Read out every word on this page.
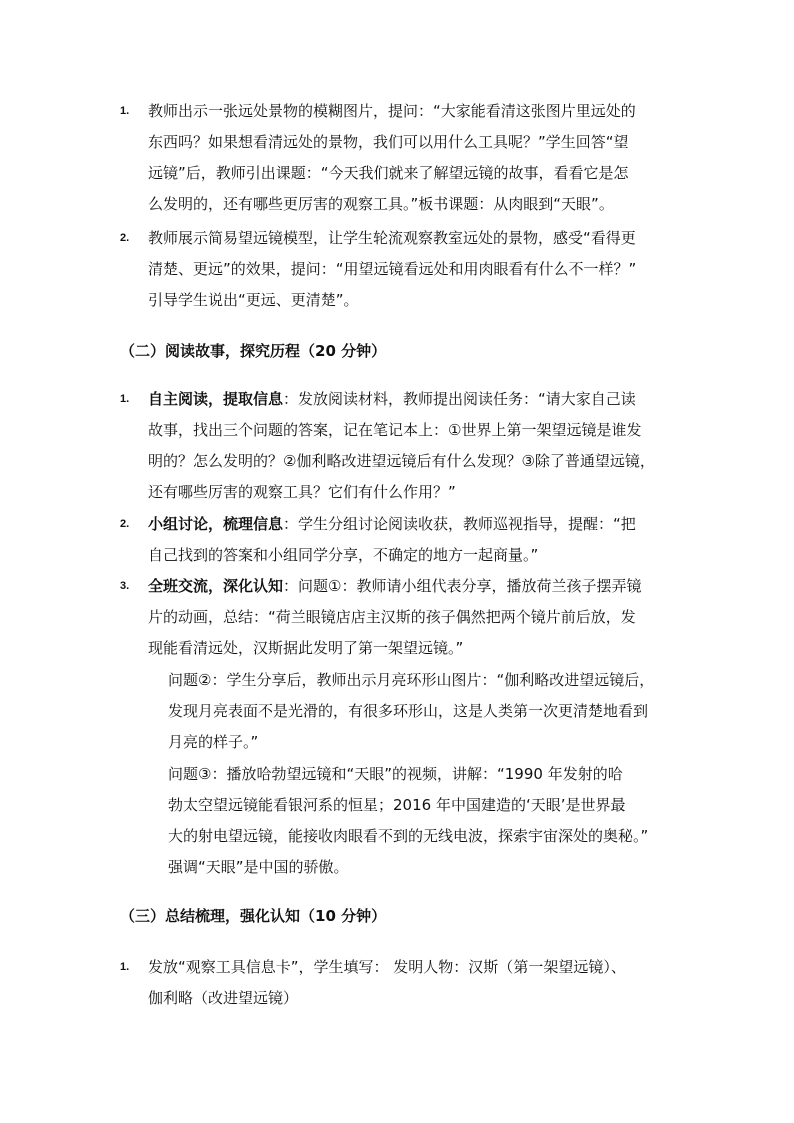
1. 教师出示一张远处景物的模糊图片，提问：“大家能看清这张图片里远处的
东西吗？如果想看清远处的景物，我们可以用什么工具呢？”学生回答“望
远镜”后，教师引出课题：“今天我们就来了解望远镜的故事，看看它是怎
么发明的，还有哪些更厉害的观察工具。”板书课题：从肉眼到“天眼”。
2. 教师展示简易望远镜模型，让学生轮流观察教室远处的景物，感受“看得更
清楚、更远”的效果，提问：“用望远镜看远处和用肉眼看有什么不一样？”
引导学生说出“更远、更清楚”。
（二）阅读故事，探究历程（20 分钟）
1. 自主阅读，提取信息：发放阅读材料，教师提出阅读任务：“请大家自己读
故事，找出三个问题的答案，记在笔记本上：①世界上第一架望远镜是谁发
明的？怎么发明的？②伽利略改进望远镜后有什么发现？③除了普通望远镜，
还有哪些厉害的观察工具？它们有什么作用？”
2. 小组讨论，梳理信息：学生分组讨论阅读收获，教师巡视指导，提醒：“把
自己找到的答案和小组同学分享，不确定的地方一起商量。”
3. 全班交流，深化认知：问题①：教师请小组代表分享，播放荷兰孩子摆弄镜
片的动画，总结：“荷兰眼镜店店主汉斯的孩子偶然把两个镜片前后放，发
现能看清远处，汉斯据此发明了第一架望远镜。”
问题②：学生分享后，教师出示月亮环形山图片：“伽利略改进望远镜后，
发现月亮表面不是光滑的，有很多环形山，这是人类第一次更清楚地看到
月亮的样子。”
问题③：播放哈勃望远镜和“天眼”的视频，讲解：“1990 年发射的哈
勃太空望远镜能看银河系的恒星；2016 年中国建造的‘天眼’是世界最
大的射电望远镜，能接收肉眼看不到的无线电波，探索宇宙深处的奥秘。”
强调“天眼”是中国的骄傲。
（三）总结梳理，强化认知（10 分钟）
1. 发放“观察工具信息卡”，学生填写： 发明人物：汉斯（第一架望远镜）、
伽利略（改进望远镜）
